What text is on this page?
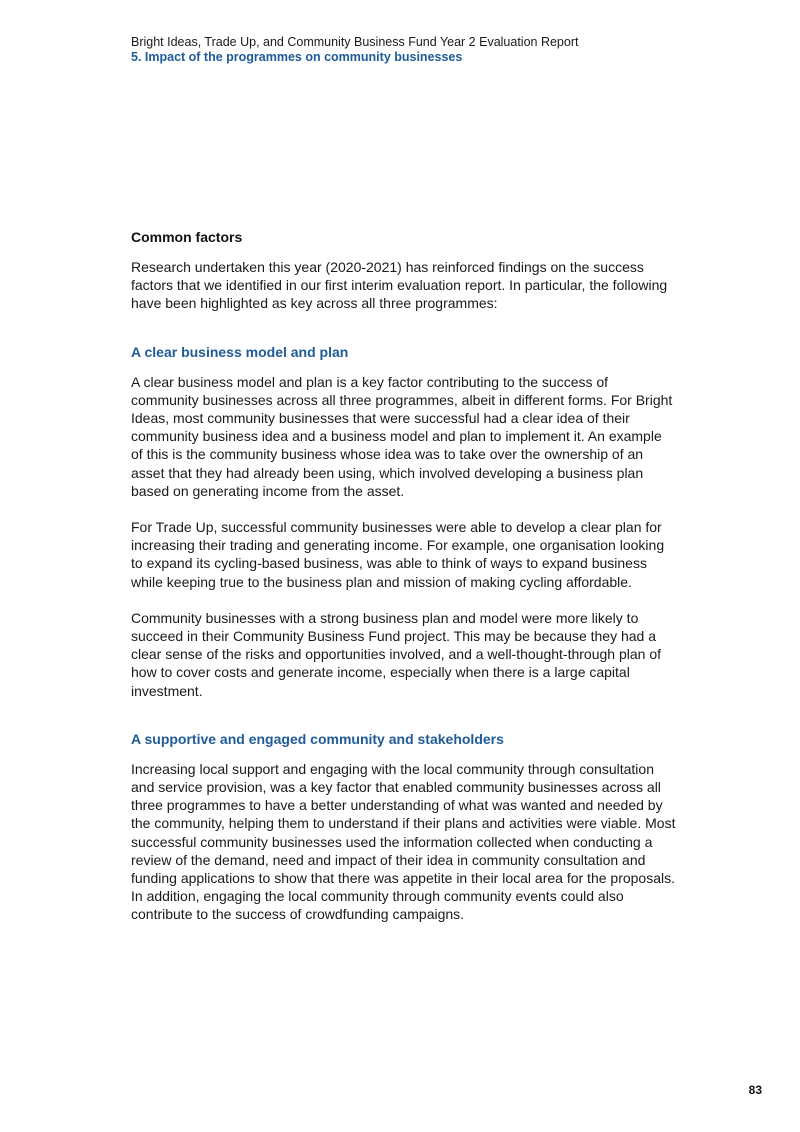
Bright Ideas, Trade Up, and Community Business Fund Year 2 Evaluation Report
5. Impact of the programmes on community businesses
Common factors

Research undertaken this year (2020-2021) has reinforced findings on the success factors that we identified in our first interim evaluation report. In particular, the following have been highlighted as key across all three programmes:

A clear business model and plan

A clear business model and plan is a key factor contributing to the success of community businesses across all three programmes, albeit in different forms. For Bright Ideas, most community businesses that were successful had a clear idea of their community business idea and a business model and plan to implement it. An example of this is the community business whose idea was to take over the ownership of an asset that they had already been using, which involved developing a business plan based on generating income from the asset.

For Trade Up, successful community businesses were able to develop a clear plan for increasing their trading and generating income. For example, one organisation looking to expand its cycling-based business, was able to think of ways to expand business while keeping true to the business plan and mission of making cycling affordable.

Community businesses with a strong business plan and model were more likely to succeed in their Community Business Fund project. This may be because they had a clear sense of the risks and opportunities involved, and a well-thought-through plan of how to cover costs and generate income, especially when there is a large capital investment.

A supportive and engaged community and stakeholders

Increasing local support and engaging with the local community through consultation and service provision, was a key factor that enabled community businesses across all three programmes to have a better understanding of what was wanted and needed by the community, helping them to understand if their plans and activities were viable. Most successful community businesses used the information collected when conducting a review of the demand, need and impact of their idea in community consultation and funding applications to show that there was appetite in their local area for the proposals. In addition, engaging the local community through community events could also contribute to the success of crowdfunding campaigns.

83
